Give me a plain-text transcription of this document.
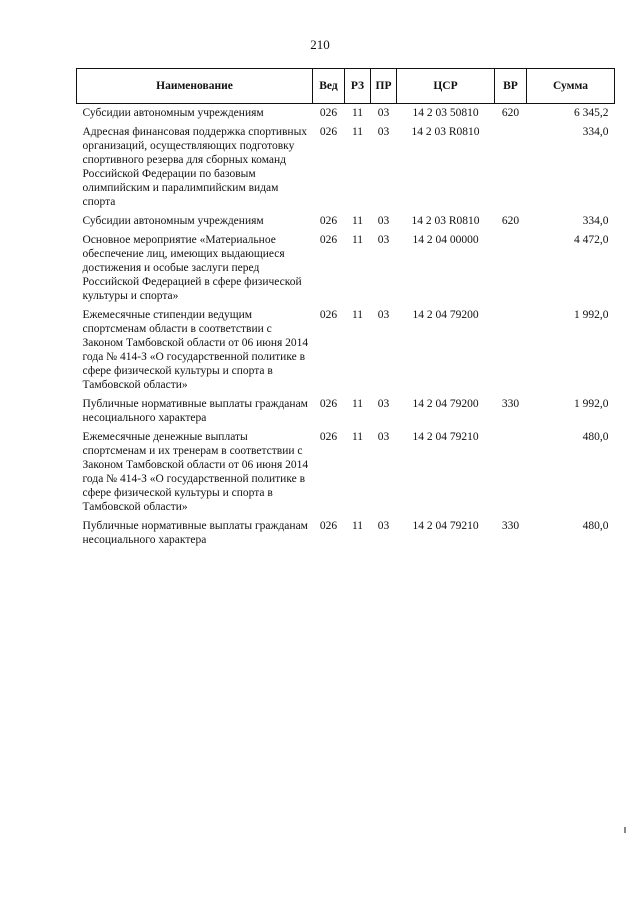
210
Наименование	Вед	РЗ	ПР	ЦСР	ВР	Сумма
Субсидии автономным учреждениям	026	11	03	14 2 03 50810	620	6 345,2
Адресная финансовая поддержка спортивных организаций, осуществляющих подготовку спортивного резерва для сборных команд Российской Федерации по базовым олимпийским и паралимпийским видам спорта	026	11	03	14 2 03 R0810		334,0
Субсидии автономным учреждениям	026	11	03	14 2 03 R0810	620	334,0
Основное мероприятие «Материальное обеспечение лиц, имеющих выдающиеся достижения и особые заслуги перед Российской Федерацией в сфере физической культуры и спорта»	026	11	03	14 2 04 00000		4 472,0
Ежемесячные стипендии ведущим спортсменам области в соответствии с Законом Тамбовской области от 06 июня 2014 года № 414-З «О государственной политике в сфере физической культуры и спорта в Тамбовской области»	026	11	03	14 2 04 79200		1 992,0
Публичные нормативные выплаты гражданам несоциального характера	026	11	03	14 2 04 79200	330	1 992,0
Ежемесячные денежные выплаты спортсменам и их тренерам в соответствии с Законом Тамбовской области от 06 июня 2014 года № 414-З «О государственной политике в сфере физической культуры и спорта в Тамбовской области»	026	11	03	14 2 04 79210		480,0
Публичные нормативные выплаты гражданам несоциального характера	026	11	03	14 2 04 79210	330	480,0
